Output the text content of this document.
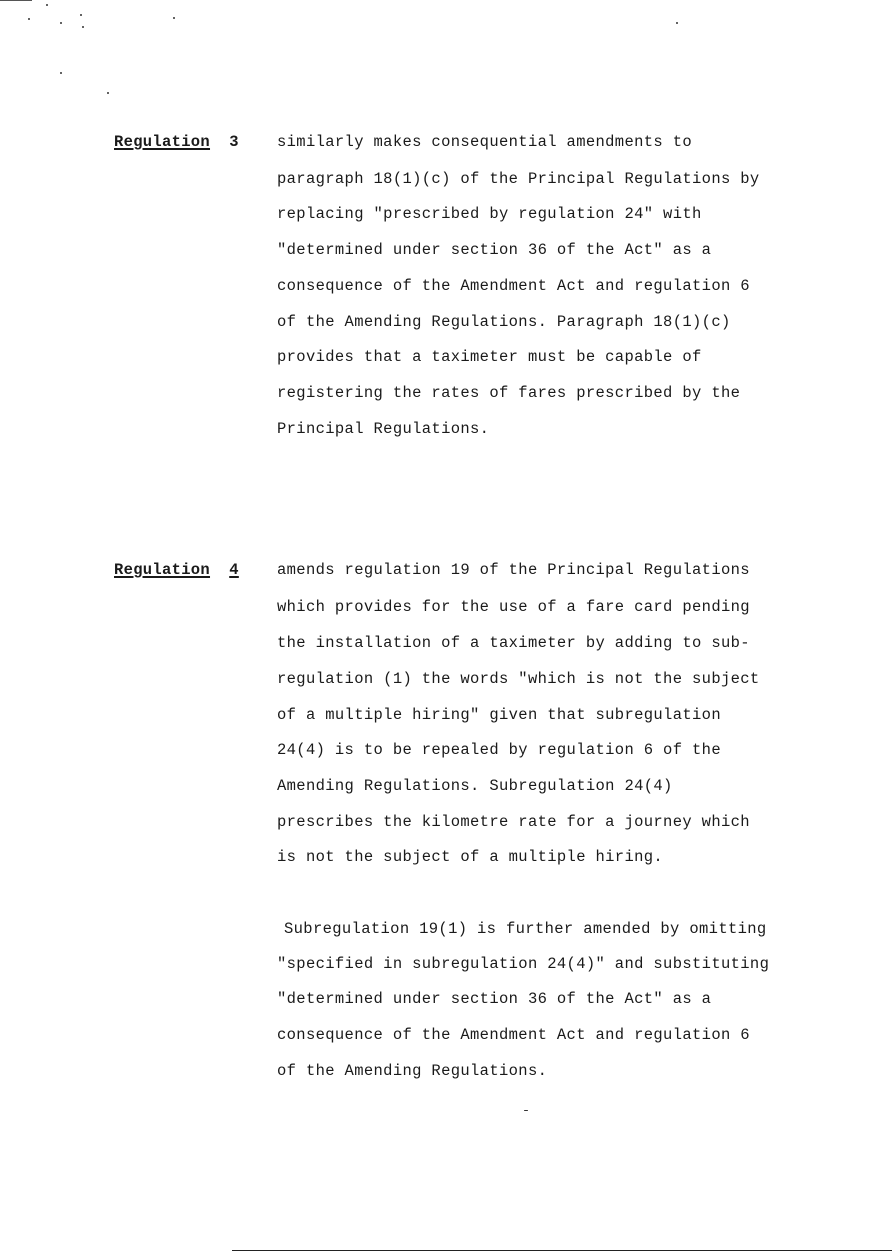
Regulation 3 similarly makes consequential amendments to
paragraph 18(1)(c) of the Principal Regulations by
replacing "prescribed by regulation 24" with
"determined under section 36 of the Act" as a
consequence of the Amendment Act and regulation 6
of the Amending Regulations. Paragraph 18(1)(c)
provides that a taximeter must be capable of
registering the rates of fares prescribed by the
Principal Regulations.
Regulation 4 amends regulation 19 of the Principal Regulations
which provides for the use of a fare card pending
the installation of a taximeter by adding to sub-
regulation (1) the words "which is not the subject
of a multiple hiring" given that subregulation
24(4) is to be repealed by regulation 6 of the
Amending Regulations. Subregulation 24(4)
prescribes the kilometre rate for a journey which
is not the subject of a multiple hiring.
Subregulation 19(1) is further amended by omitting
"specified in subregulation 24(4)" and substituting
"determined under section 36 of the Act" as a
consequence of the Amendment Act and regulation 6
of the Amending Regulations.
